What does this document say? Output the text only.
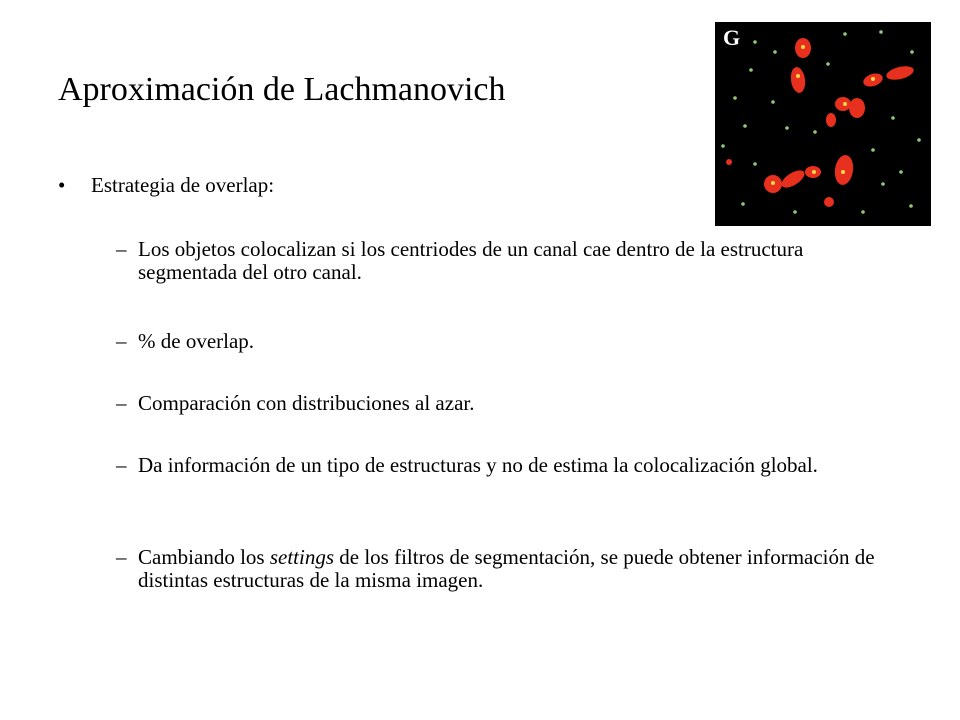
Aproximación de Lachmanovich
• Estrategia de overlap:
– Los objetos colocalizan si los centriodes de un canal cae dentro de la estructura segmentada del otro canal.
– % de overlap.
– Comparación con distribuciones al azar.
– Da información de un tipo de estructuras y no de estima la colocalización global.
– Cambiando los settings de los filtros de segmentación, se puede obtener información de distintas estructuras de la misma imagen.
G
